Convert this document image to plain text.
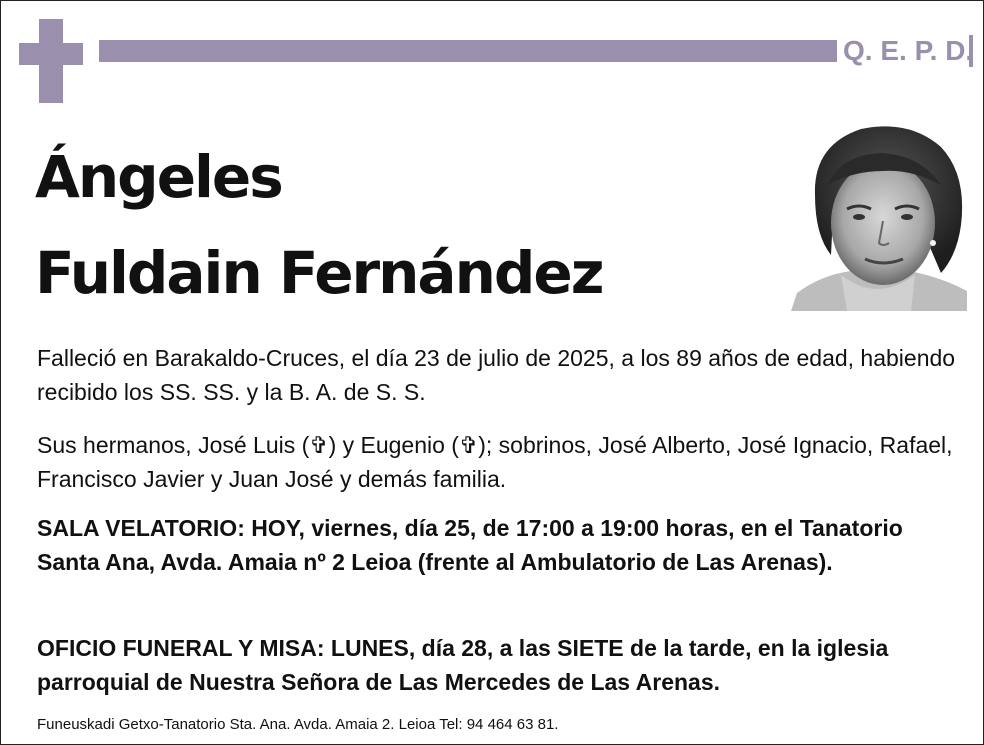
Q. E. P. D.
Ángeles
Fuldain Fernández
Falleció en Barakaldo-Cruces, el día 23 de julio de 2025, a los 89 años de edad, habiendo recibido los SS. SS. y la B. A. de S. S.
Sus hermanos, José Luis (✞) y Eugenio (✞); sobrinos, José Alberto, José Ignacio, Rafael, Francisco Javier y Juan José y demás familia.
SALA VELATORIO: HOY, viernes, día 25, de 17:00 a 19:00 horas, en el Tanatorio Santa Ana, Avda. Amaia nº 2 Leioa (frente al Ambulatorio de Las Arenas).
OFICIO FUNERAL Y MISA: LUNES, día 28, a las SIETE de la tarde, en la iglesia parroquial de Nuestra Señora de Las Mercedes de Las Arenas.
Funeuskadi Getxo-Tanatorio Sta. Ana. Avda. Amaia 2. Leioa Tel: 94 464 63 81.
